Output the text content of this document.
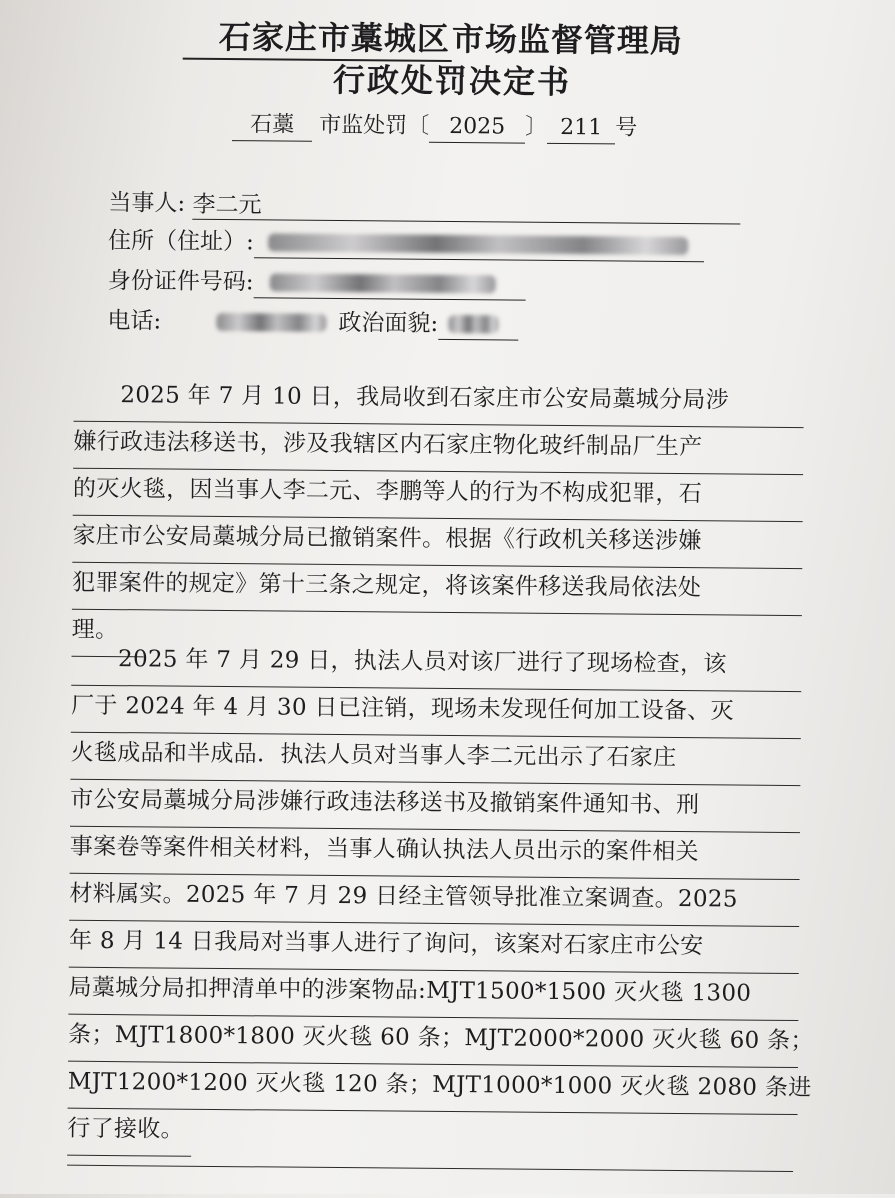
石家庄市藁城区市场监督管理局
行政处罚决定书
石藁 市监处罚〔 2025 〕 211 号
当事人: 李二元
住所（住址）:
身份证件号码:
电话:	政治面貌:
　　2025 年 7 月 10 日，我局收到石家庄市公安局藁城分局涉
嫌行政违法移送书，涉及我辖区内石家庄物化玻纤制品厂生产
的灭火毯，因当事人李二元、李鹏等人的行为不构成犯罪，石
家庄市公安局藁城分局已撤销案件。根据《行政机关移送涉嫌
犯罪案件的规定》第十三条之规定，将该案件移送我局依法处
理。
　　2025 年 7 月 29 日，执法人员对该厂进行了现场检查，该
厂于 2024 年 4 月 30 日已注销，现场未发现任何加工设备、灭
火毯成品和半成品．执法人员对当事人李二元出示了石家庄
市公安局藁城分局涉嫌行政违法移送书及撤销案件通知书、刑
事案卷等案件相关材料，当事人确认执法人员出示的案件相关
材料属实。2025 年 7 月 29 日经主管领导批准立案调查。2025
年 8 月 14 日我局对当事人进行了询问，该案对石家庄市公安
局藁城分局扣押清单中的涉案物品:MJT1500*1500 灭火毯 1300
条；MJT1800*1800 灭火毯 60 条；MJT2000*2000 灭火毯 60 条；
MJT1200*1200 灭火毯 120 条；MJT1000*1000 灭火毯 2080 条进
行了接收。
